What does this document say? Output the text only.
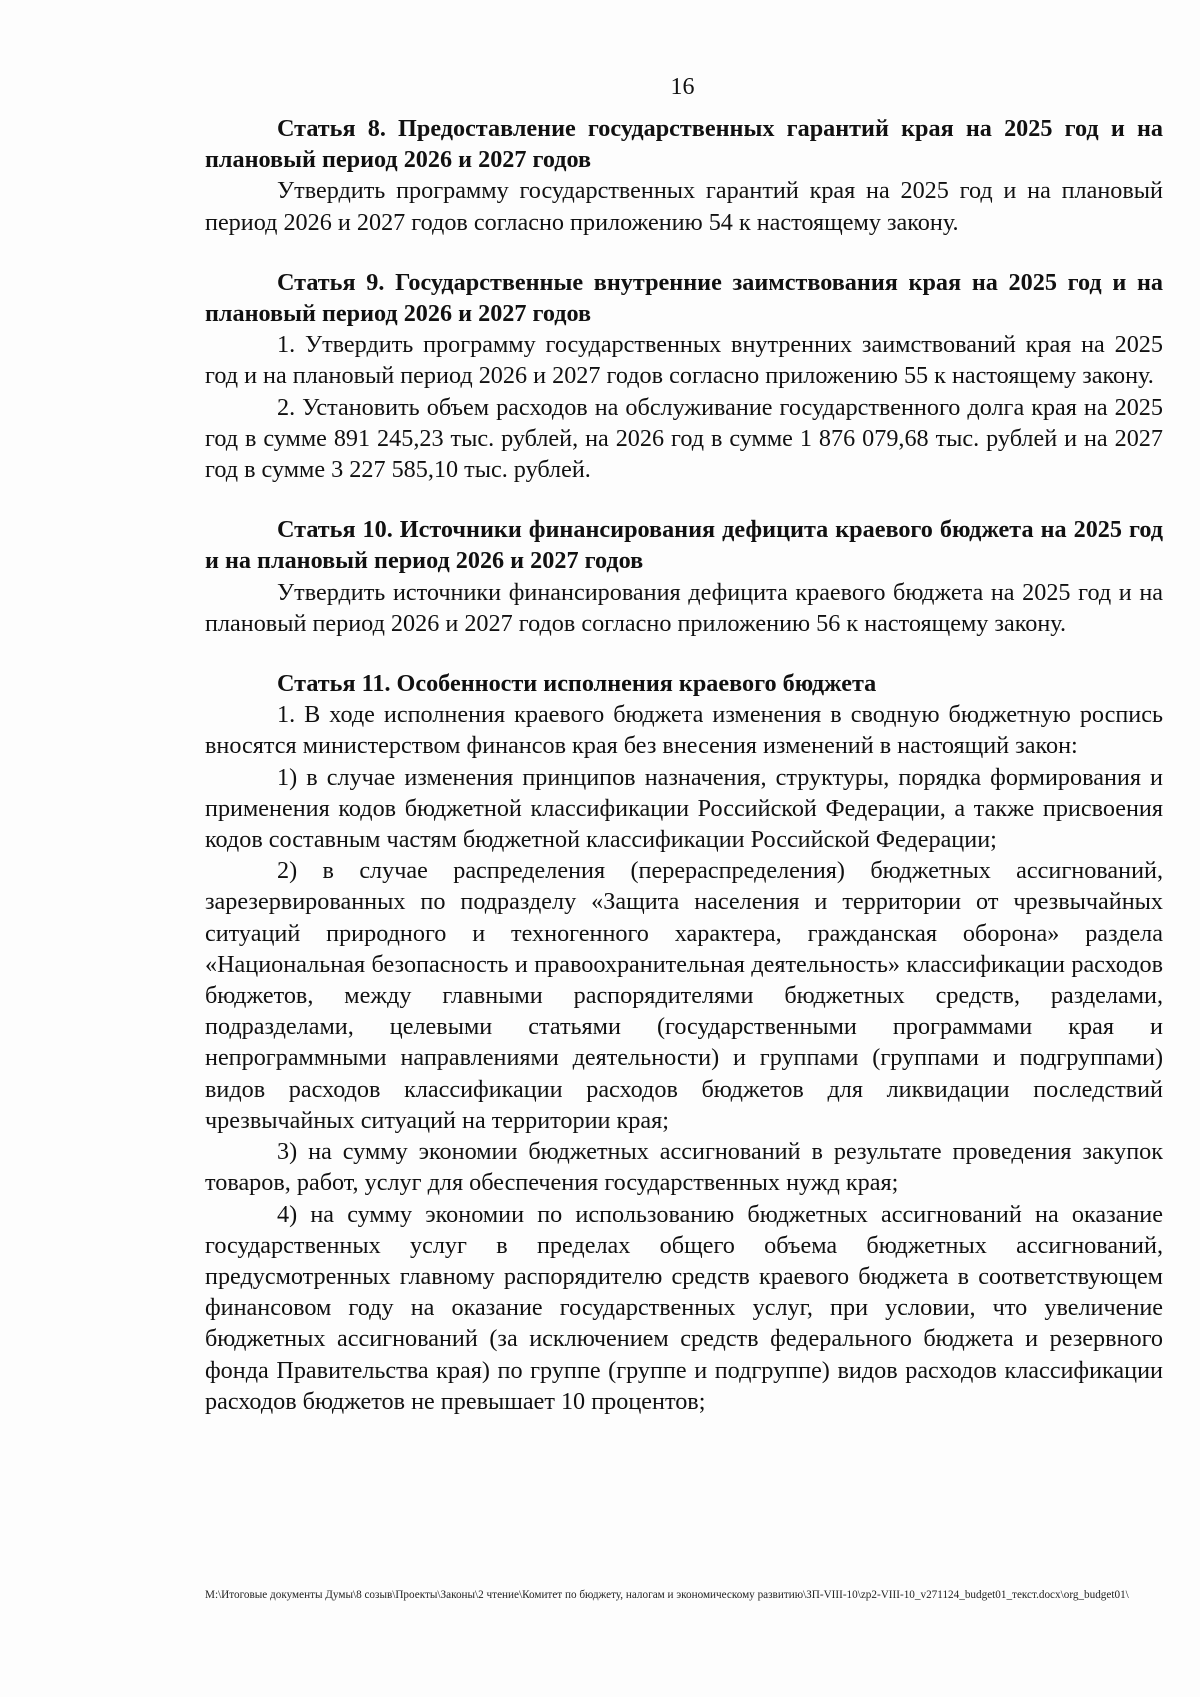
16

Статья 8. Предоставление государственных гарантий края на 2025 год и на плановый период 2026 и 2027 годов

Утвердить программу государственных гарантий края на 2025 год и на плановый период 2026 и 2027 годов согласно приложению 54 к настоящему закону.

Статья 9. Государственные внутренние заимствования края на 2025 год и на плановый период 2026 и 2027 годов

1. Утвердить программу государственных внутренних заимствований края на 2025 год и на плановый период 2026 и 2027 годов согласно приложению 55 к настоящему закону.

2. Установить объем расходов на обслуживание государственного долга края на 2025 год в сумме 891 245,23 тыс. рублей, на 2026 год в сумме 1 876 079,68 тыс. рублей и на 2027 год в сумме 3 227 585,10 тыс. рублей.

Статья 10. Источники финансирования дефицита краевого бюджета на 2025 год и на плановый период 2026 и 2027 годов

Утвердить источники финансирования дефицита краевого бюджета на 2025 год и на плановый период 2026 и 2027 годов согласно приложению 56 к настоящему закону.

Статья 11. Особенности исполнения краевого бюджета

1. В ходе исполнения краевого бюджета изменения в сводную бюджетную роспись вносятся министерством финансов края без внесения изменений в настоящий закон:

1) в случае изменения принципов назначения, структуры, порядка формирования и применения кодов бюджетной классификации Российской Федерации, а также присвоения кодов составным частям бюджетной классификации Российской Федерации;

2) в случае распределения (перераспределения) бюджетных ассигнований, зарезервированных по подразделу «Защита населения и территории от чрезвычайных ситуаций природного и техногенного характера, гражданская оборона» раздела «Национальная безопасность и правоохранительная деятельность» классификации расходов бюджетов, между главными распорядителями бюджетных средств, разделами, подразделами, целевыми статьями (государственными программами края и непрограммными направлениями деятельности) и группами (группами и подгруппами) видов расходов классификации расходов бюджетов для ликвидации последствий чрезвычайных ситуаций на территории края;

3) на сумму экономии бюджетных ассигнований в результате проведения закупок товаров, работ, услуг для обеспечения государственных нужд края;

4) на сумму экономии по использованию бюджетных ассигнований на оказание государственных услуг в пределах общего объема бюджетных ассигнований, предусмотренных главному распорядителю средств краевого бюджета в соответствующем финансовом году на оказание государственных услуг, при условии, что увеличение бюджетных ассигнований (за исключением средств федерального бюджета и резервного фонда Правительства края) по группе (группе и подгруппе) видов расходов классификации расходов бюджетов не превышает 10 процентов;

M:\Итоговые документы Думы\8 созыв\Проекты\Законы\2 чтение\Комитет по бюджету, налогам и экономическому развитию\ЗП-VIII-10\zp2-VIII-10_v271124_budget01_текст.docx\org_budget01\
